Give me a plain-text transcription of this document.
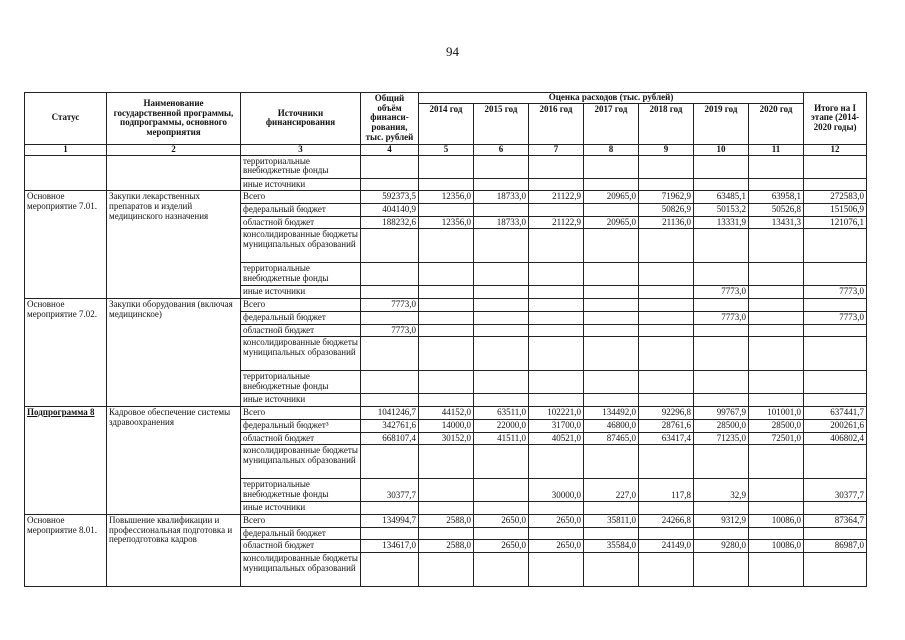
94
Статус	Наименование государственной программы, подпрограммы, основного мероприятия	Источники финансирования	Общий объём финанси-рования, тыс. рублей	Оценка расходов (тыс. рублей)							Итого на I этапе (2014-2020 годы)
				2014 год	2015 год	2016 год	2017 год	2018 год	2019 год	2020 год	
1	2	3	4	5	6	7	8	9	10	11	12
		территориальные внебюджетные фонды									
		иные источники									
Основное мероприятие 7.01.	Закупки лекарственных препаратов и изделий медицинского назначения	Всего	592373,5	12356,0	18733,0	21122,9	20965,0	71962,9	63485,1	63958,1	272583,0
		федеральный бюджет	404140,9					50826,9	50153,2	50526,8	151506,9
		областной бюджет	188232,6	12356,0	18733,0	21122,9	20965,0	21136,0	13331,9	13431,3	121076,1
		консолидированные бюджеты муниципальных образований									
		территориальные внебюджетные фонды									
		иные источники							7773,0		7773,0
Основное мероприятие 7.02.	Закупки оборудования (включая медицинское)	Всего	7773,0								
		федеральный бюджет							7773,0		7773,0
		областной бюджет	7773,0								
		консолидированные бюджеты муниципальных образований									
		территориальные внебюджетные фонды									
		иные источники									
Подпрограмма 8	Кадровое обеспечение системы здравоохранения	Всего	1041246,7	44152,0	63511,0	102221,0	134492,0	92296,8	99767,9	101001,0	637441,7
		федеральный бюджет³	342761,6	14000,0	22000,0	31700,0	46800,0	28761,6	28500,0	28500,0	200261,6
		областной бюджет	668107,4	30152,0	41511,0	40521,0	87465,0	63417,4	71235,0	72501,0	406802,4
		консолидированные бюджеты муниципальных образований									
		территориальные внебюджетные фонды	30377,7			30000,0	227,0	117,8	32,9		30377,7
		иные источники									
Основное мероприятие 8.01.	Повышение квалификации и профессиональная подготовка и переподготовка кадров	Всего	134994,7	2588,0	2650,0	2650,0	35811,0	24266,8	9312,9	10086,0	87364,7
		федеральный бюджет									
		областной бюджет	134617,0	2588,0	2650,0	2650,0	35584,0	24149,0	9280,0	10086,0	86987,0
		консолидированные бюджеты муниципальных образований									
